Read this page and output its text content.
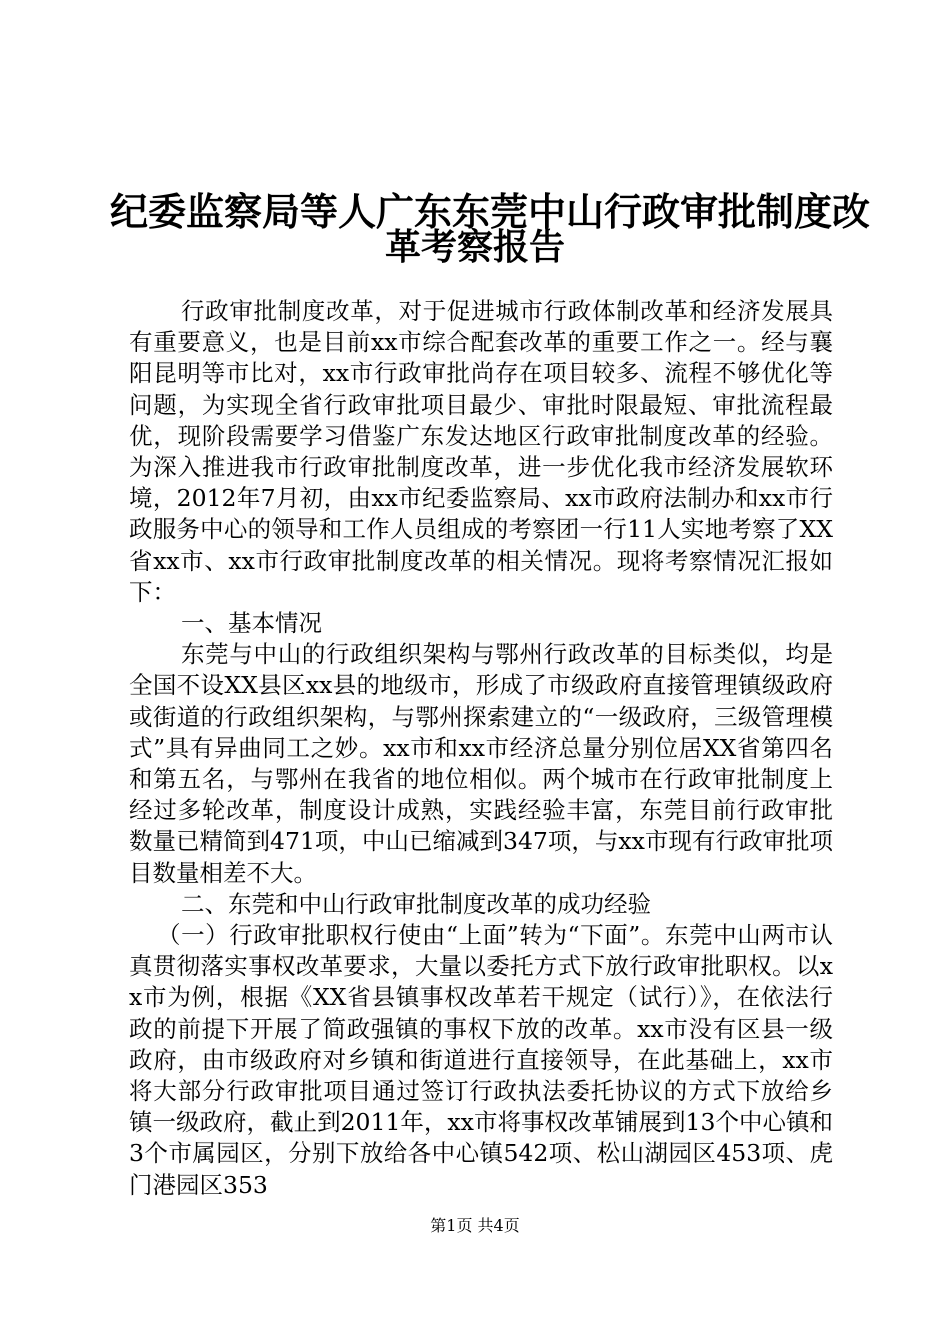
纪委监察局等人广东东莞中山行政审批制度改
革考察报告

行政审批制度改革，对于促进城市行政体制改革和经济发展具有重要意义，也是目前xx市综合配套改革的重要工作之一。经与襄阳昆明等市比对，xx市行政审批尚存在项目较多、流程不够优化等问题，为实现全省行政审批项目最少、审批时限最短、审批流程最优，现阶段需要学习借鉴广东发达地区行政审批制度改革的经验。为深入推进我市行政审批制度改革，进一步优化我市经济发展软环境，2012年7月初，由xx市纪委监察局、xx市政府法制办和xx市行政服务中心的领导和工作人员组成的考察团一行11人实地考察了XX省xx市、xx市行政审批制度改革的相关情况。现将考察情况汇报如下：

一、基本情况

东莞与中山的行政组织架构与鄂州行政改革的目标类似，均是全国不设XX县区xx县的地级市，形成了市级政府直接管理镇级政府或街道的行政组织架构，与鄂州探索建立的“一级政府，三级管理模式”具有异曲同工之妙。xx市和xx市经济总量分别位居XX省第四名和第五名，与鄂州在我省的地位相似。两个城市在行政审批制度上经过多轮改革，制度设计成熟，实践经验丰富，东莞目前行政审批数量已精简到471项，中山已缩减到347项，与xx市现有行政审批项目数量相差不大。

二、东莞和中山行政审批制度改革的成功经验

（一）行政审批职权行使由“上面”转为“下面”。东莞中山两市认真贯彻落实事权改革要求，大量以委托方式下放行政审批职权。以xx市为例，根据《XX省县镇事权改革若干规定（试行）》，在依法行政的前提下开展了简政强镇的事权下放的改革。xx市没有区县一级政府，由市级政府对乡镇和街道进行直接领导，在此基础上，xx市将大部分行政审批项目通过签订行政执法委托协议的方式下放给乡镇一级政府，截止到2011年，xx市将事权改革铺展到13个中心镇和3个市属园区，分别下放给各中心镇542项、松山湖园区453项、虎门港园区353

第1页 共4页
